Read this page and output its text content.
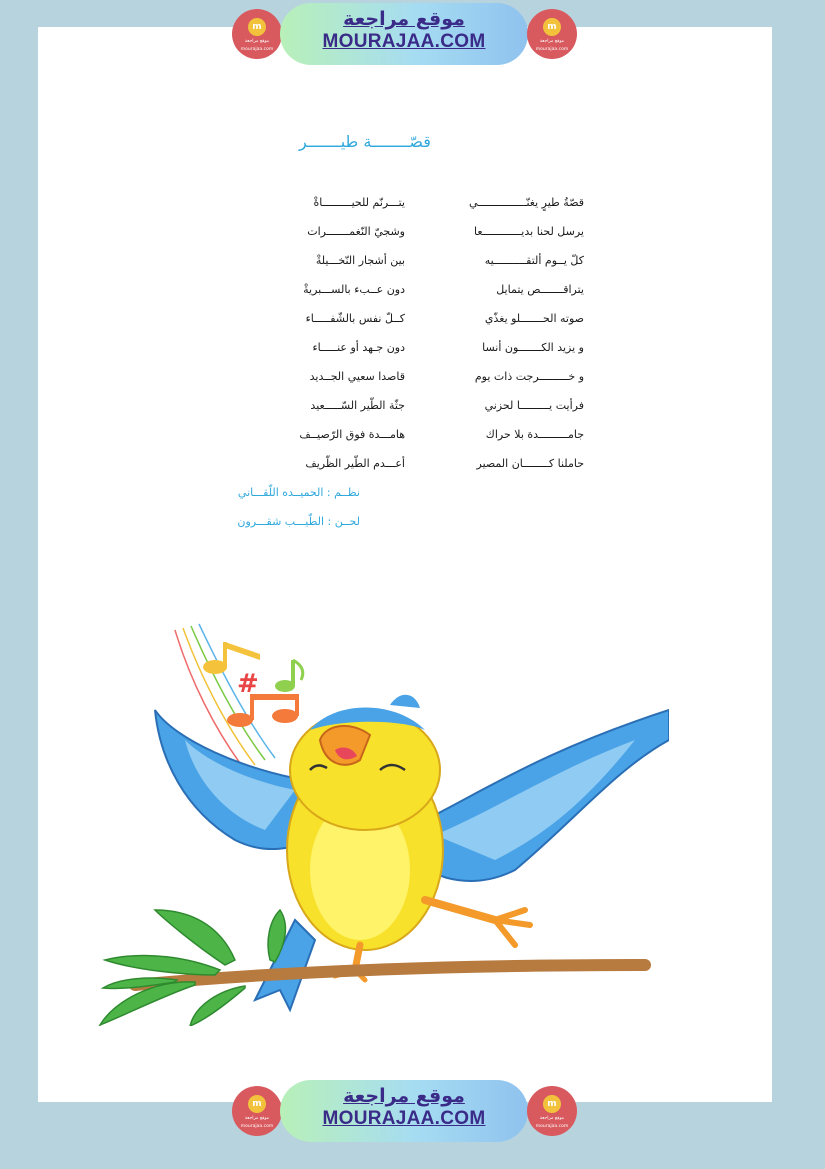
m
موقع مراجعة
mourajaa.com
موقع مراجعة
MOURAJAA.COM
m
موقع مراجعة
mourajaa.com
قصّــــــــة طيـــــــر
قصّةُ طيرٍ يغنّـــــــــــــــي
يتـــرنّم للحيـــــــــاةْ
يرسل لحنا بديــــــــــــعا
وشجيّ النّغمـــــــرات
كلّ يــوم ألتقــــــــــيه
بين أشجار النّخـــيلةْ
يتراقـــــــص يتمايل
دون عــبء بالســـبريةْ
صوته الحـــــــلو يغذّي
كــلّ نفس بالشّفـــــاء
و يزيد الكـــــــون أنسا
دون جـهد أو عنـــــاء
و خـــــــــرجت ذات يوم
قاصدا سعيي الجــديد
فرأيت يـــــــــا لحزني
جثّة الطّير السّـــــعيد
جامـــــــــدة بلا حراك
هامـــدة فوق الرّصيــف
حاملنا كــــــــان المصير
أعـــدم الطّير الظّريف
نظــم : الحميــده اللّقـــاني
لحــن : الطّيـــب شقـــرون
#
m
موقع مراجعة
mourajaa.com
موقع مراجعة
MOURAJAA.COM
m
موقع مراجعة
mourajaa.com
